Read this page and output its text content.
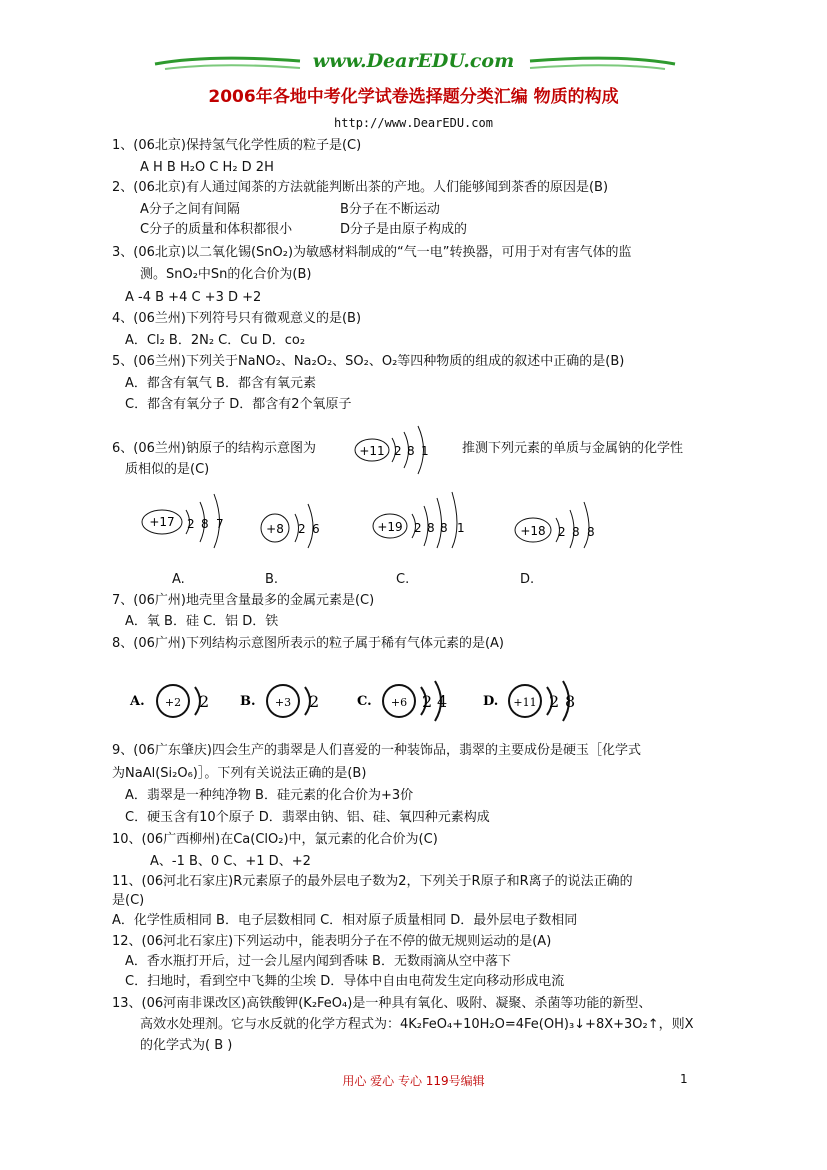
www.DearEDU.com
2006年各地中考化学试卷选择题分类汇编 物质的构成
http://www.DearEDU.com
1、(06北京)保持氢气化学性质的粒子是(C)
A H B H₂O C H₂ D 2H
2、(06北京)有人通过闻茶的方法就能判断出茶的产地。人们能够闻到茶香的原因是(B)
A分子之间有间隔	B分子在不断运动
C分子的质量和体积都很小	D分子是由原子构成的
3、(06北京)以二氧化锡(SnO₂)为敏感材料制成的“气一电”转换器，可用于对有害气体的监
测。SnO₂中Sn的化合价为(B)
A -4 B +4 C +3 D +2
4、(06兰州)下列符号只有微观意义的是(B)
A．Cl₂ B．2N₂ C．Cu D．co₂
5、(06兰州)下列关于NaNO₂、Na₂O₂、SO₂、O₂等四种物质的组成的叙述中正确的是(B)
A．都含有氧气 B．都含有氧元素
C．都含有氧分子 D．都含有2个氧原子
6、(06兰州)钠原子的结构示意图为	+11 2 8 1	推测下列元素的单质与金属钠的化学性
质相似的是(C)
+17 2 8 7	+8 2 6	+19 2 8 8 1	+18 2 8 8
A.	B.	C.	D.
7、(06广州)地壳里含量最多的金属元素是(C)
A．氧 B．硅 C．铝 D．铁
8、(06广州)下列结构示意图所表示的粒子属于稀有气体元素的是(A)
A. +2 2 B. +3 2	C. +6 2 4	D. +11 2 8
9、(06广东肇庆)四会生产的翡翠是人们喜爱的一种装饰品，翡翠的主要成份是硬玉［化学式
为NaAl(Si₂O₆)］。下列有关说法正确的是(B)
A．翡翠是一种纯净物 B．硅元素的化合价为+3价
C．硬玉含有10个原子 D．翡翠由钠、铝、硅、氧四种元素构成
10、(06广西柳州)在Ca(ClO₂)中，氯元素的化合价为(C)
A、-1 B、0 C、+1 D、+2
11、(06河北石家庄)R元素原子的最外层电子数为2，下列关于R原子和R离子的说法正确的
是(C)
A．化学性质相同 B．电子层数相同 C．相对原子质量相同 D．最外层电子数相同
12、(06河北石家庄)下列运动中，能表明分子在不停的做无规则运动的是(A)
A．香水瓶打开后，过一会儿屋内闻到香味 B．无数雨滴从空中落下
C．扫地时，看到空中飞舞的尘埃 D．导体中自由电荷发生定向移动形成电流
13、(06河南非课改区)高铁酸钾(K₂FeO₄)是一种具有氧化、吸附、凝聚、杀菌等功能的新型、
高效水处理剂。它与水反就的化学方程式为：4K₂FeO₄+10H₂O=4Fe(OH)₃↓+8X+3O₂↑，则X
的化学式为( B )
用心 爱心 专心 119号编辑	1
